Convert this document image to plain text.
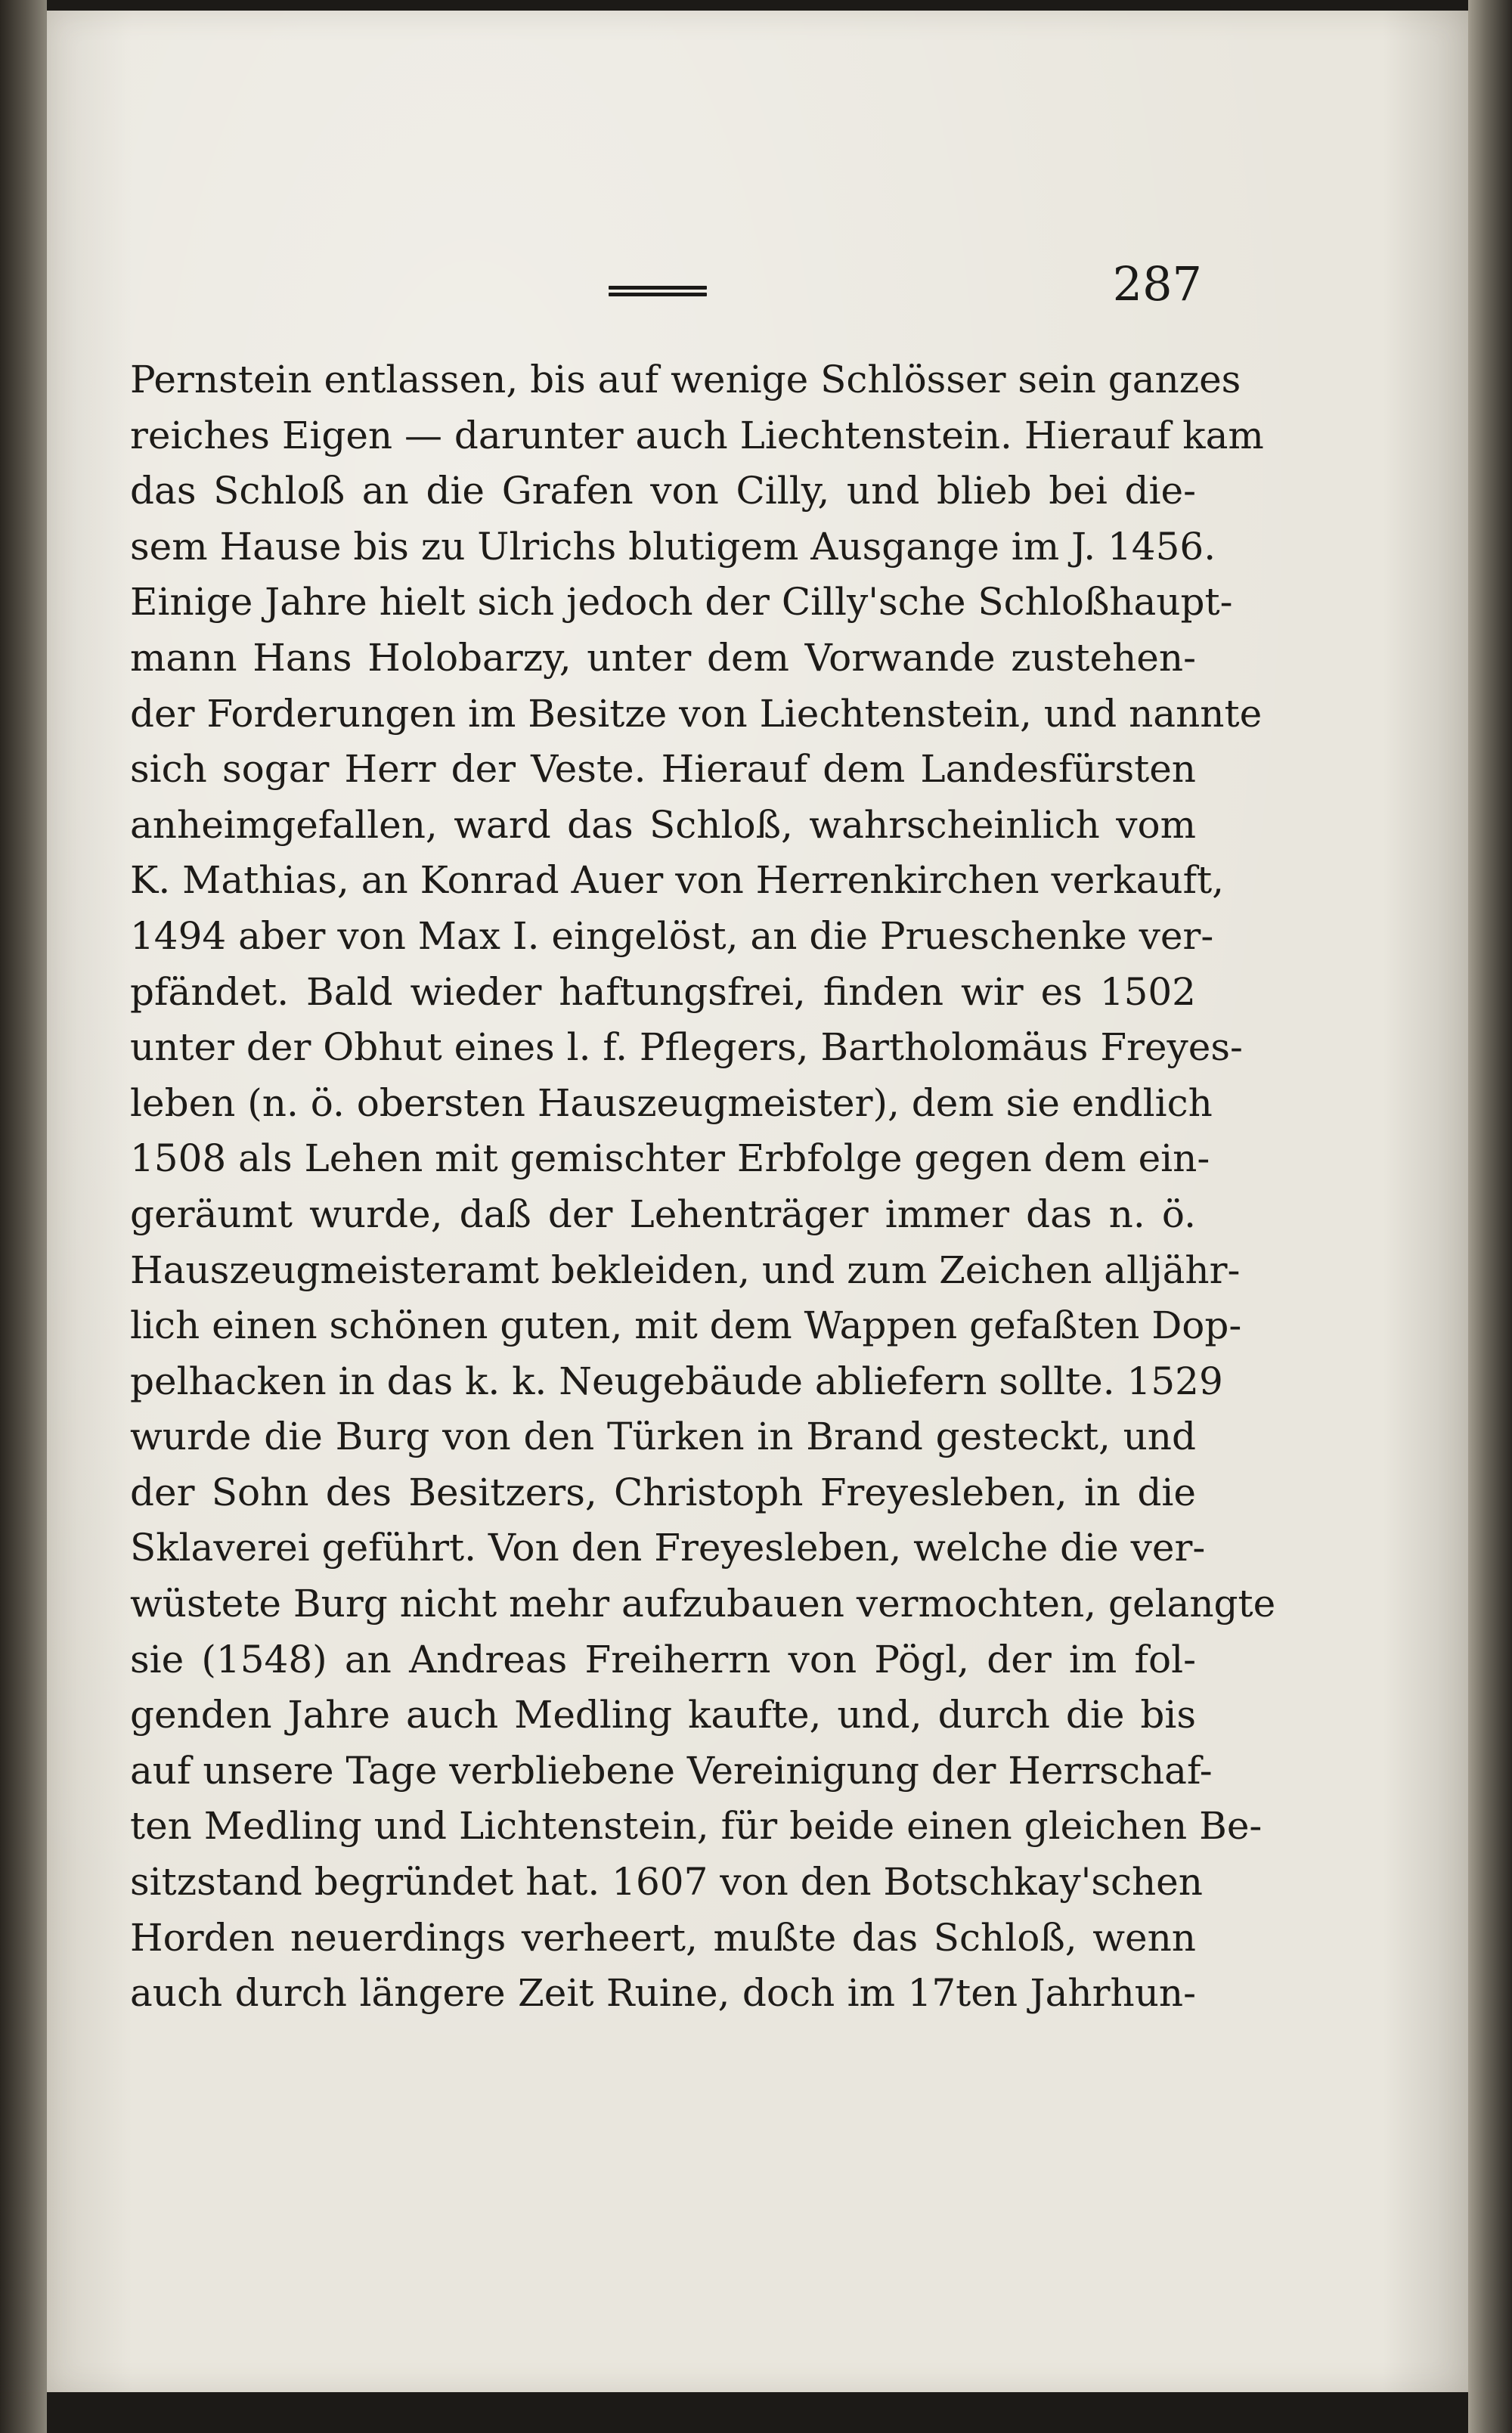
287
Pernstein entlassen, bis auf wenige Schlösser sein ganzes
reiches Eigen — darunter auch Liechtenstein. Hierauf kam
das Schloß an die Grafen von Cilly, und blieb bei die-
sem Hause bis zu Ulrichs blutigem Ausgange im J. 1456.
Einige Jahre hielt sich jedoch der Cilly'sche Schloßhaupt-
mann Hans Holobarzy, unter dem Vorwande zustehen-
der Forderungen im Besitze von Liechtenstein, und nannte
sich sogar Herr der Veste. Hierauf dem Landesfürsten
anheimgefallen, ward das Schloß, wahrscheinlich vom
K. Mathias, an Konrad Auer von Herrenkirchen verkauft,
1494 aber von Max I. eingelöst, an die Prueschenke ver-
pfändet. Bald wieder haftungsfrei, finden wir es 1502
unter der Obhut eines l. f. Pflegers, Bartholomäus Freyes-
leben (n. ö. obersten Hauszeugmeister), dem sie endlich
1508 als Lehen mit gemischter Erbfolge gegen dem ein-
geräumt wurde, daß der Lehenträger immer das n. ö.
Hauszeugmeisteramt bekleiden, und zum Zeichen alljähr-
lich einen schönen guten, mit dem Wappen gefaßten Dop-
pelhacken in das k. k. Neugebäude abliefern sollte. 1529
wurde die Burg von den Türken in Brand gesteckt, und
der Sohn des Besitzers, Christoph Freyesleben, in die
Sklaverei geführt. Von den Freyesleben, welche die ver-
wüstete Burg nicht mehr aufzubauen vermochten, gelangte
sie (1548) an Andreas Freiherrn von Pögl, der im fol-
genden Jahre auch Medling kaufte, und, durch die bis
auf unsere Tage verbliebene Vereinigung der Herrschaf-
ten Medling und Lichtenstein, für beide einen gleichen Be-
sitzstand begründet hat. 1607 von den Botschkay'schen
Horden neuerdings verheert, mußte das Schloß, wenn
auch durch längere Zeit Ruine, doch im 17ten Jahrhun-
